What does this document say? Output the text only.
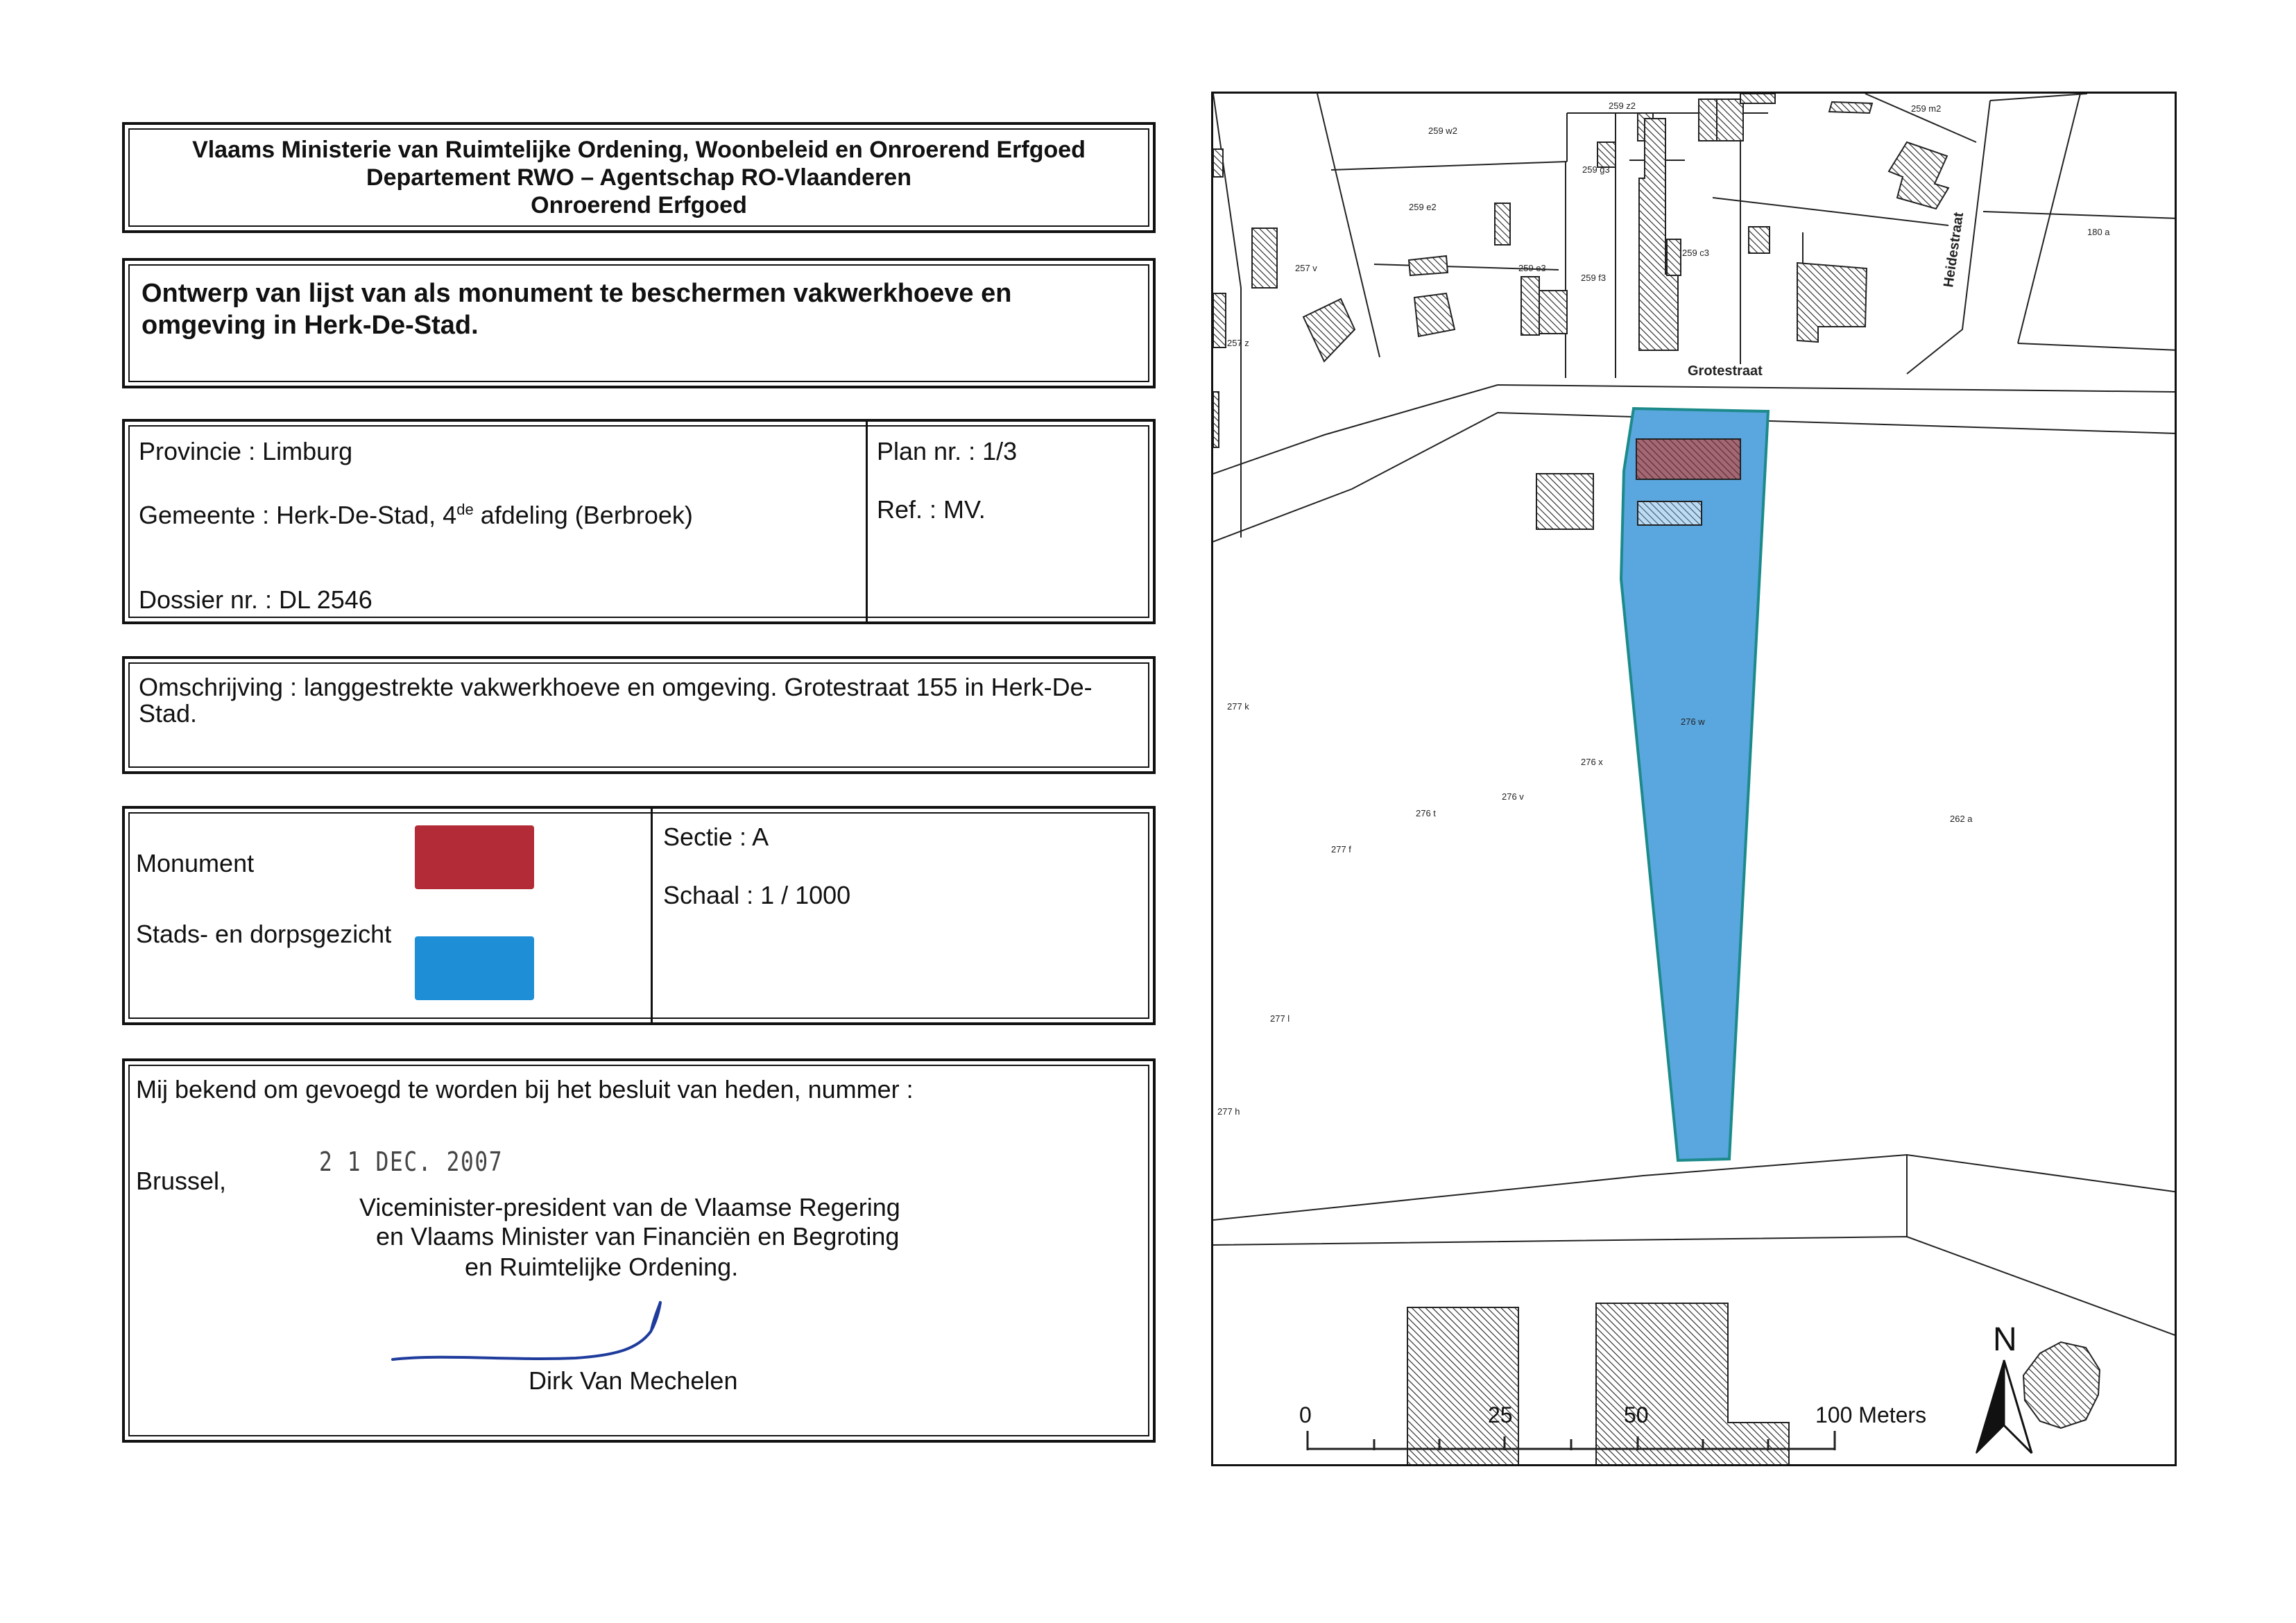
Vlaams Ministerie van Ruimtelijke Ordening, Woonbeleid en Onroerend Erfgoed
Departement RWO – Agentschap RO-Vlaanderen
Onroerend Erfgoed
Ontwerp van lijst van als monument te beschermen vakwerkhoeve en
omgeving in Herk-De-Stad.
Provincie : Limburg
Gemeente : Herk-De-Stad, 4de afdeling (Berbroek)
Dossier nr. : DL 2546
Plan nr. : 1/3
Ref. : MV.
Omschrijving : langgestrekte vakwerkhoeve en omgeving. Grotestraat 155 in Herk-De-
Stad.
Monument
Stads- en dorpsgezicht
Sectie : A
Schaal : 1 / 1000
Mij bekend om gevoegd te worden bij het besluit van heden, nummer :
Brussel,
2 1 DEC. 2007
Viceminister-president van de Vlaamse Regering
en Vlaams Minister van Financiën en Begroting
en Ruimtelijke Ordening.
Dirk Van Mechelen
Grotestraat
Heidestraat
259 w2
259 z2	259 m2
259 g3
259 e2
259 e3
259 f3
259 c3
180 a
257 v
257 z
276 w
276 x
276 v
276 t
277 k
277 f
277 l
277 h
262 a
0	25	50	100 Meters
N
